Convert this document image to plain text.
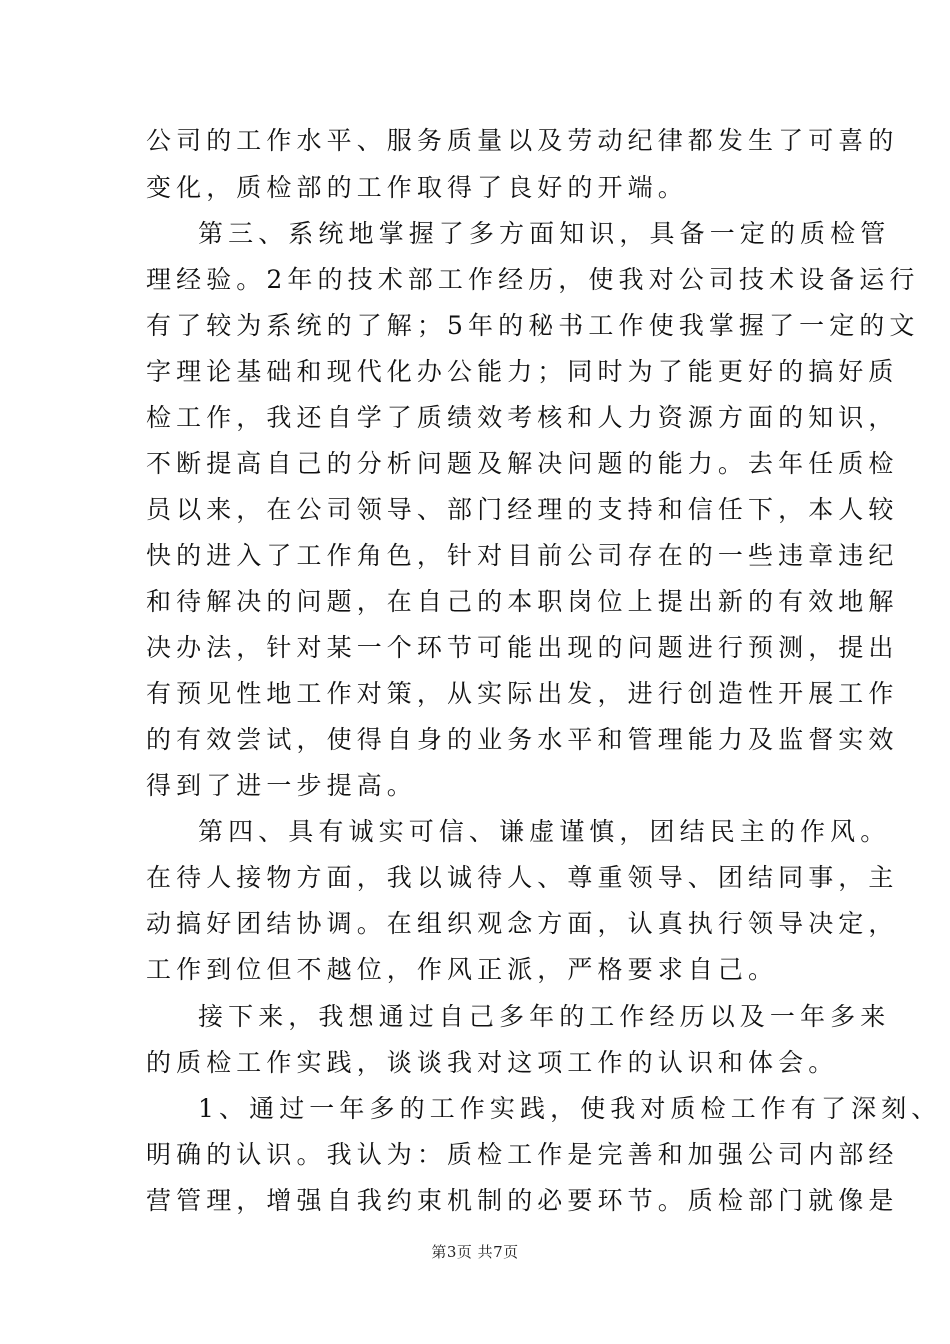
公司的工作水平、服务质量以及劳动纪律都发生了可喜的
变化，质检部的工作取得了良好的开端。
第三、系统地掌握了多方面知识，具备一定的质检管
理经验。2年的技术部工作经历，使我对公司技术设备运行
有了较为系统的了解；5年的秘书工作使我掌握了一定的文
字理论基础和现代化办公能力；同时为了能更好的搞好质
检工作，我还自学了质绩效考核和人力资源方面的知识，
不断提高自己的分析问题及解决问题的能力。去年任质检
员以来，在公司领导、部门经理的支持和信任下，本人较
快的进入了工作角色，针对目前公司存在的一些违章违纪
和待解决的问题，在自己的本职岗位上提出新的有效地解
决办法，针对某一个环节可能出现的问题进行预测，提出
有预见性地工作对策，从实际出发，进行创造性开展工作
的有效尝试，使得自身的业务水平和管理能力及监督实效
得到了进一步提高。
第四、具有诚实可信、谦虚谨慎，团结民主的作风。
在待人接物方面，我以诚待人、尊重领导、团结同事，主
动搞好团结协调。在组织观念方面，认真执行领导决定，
工作到位但不越位，作风正派，严格要求自己。
接下来，我想通过自己多年的工作经历以及一年多来
的质检工作实践，谈谈我对这项工作的认识和体会。
1、通过一年多的工作实践，使我对质检工作有了深刻、
明确的认识。我认为：质检工作是完善和加强公司内部经
营管理，增强自我约束机制的必要环节。质检部门就像是
第3页 共7页
